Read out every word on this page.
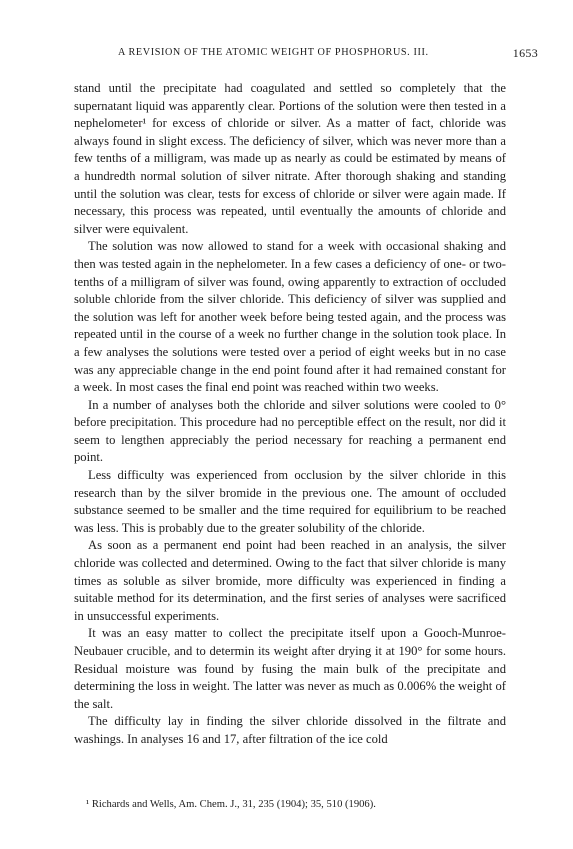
A REVISION OF THE ATOMIC WEIGHT OF PHOSPHORUS. III.	1653

stand until the precipitate had coagulated and settled so completely that the supernatant liquid was apparently clear. Portions of the solution were then tested in a nephelometer¹ for excess of chloride or silver. As a matter of fact, chloride was always found in slight excess. The deficiency of silver, which was never more than a few tenths of a milligram, was made up as nearly as could be estimated by means of a hundredth normal solution of silver nitrate. After thorough shaking and standing until the solution was clear, tests for excess of chloride or silver were again made. If necessary, this process was repeated, until eventually the amounts of chloride and silver were equivalent.

The solution was now allowed to stand for a week with occasional shaking and then was tested again in the nephelometer. In a few cases a deficiency of one- or two-tenths of a milligram of silver was found, owing apparently to extraction of occluded soluble chloride from the silver chloride. This deficiency of silver was supplied and the solution was left for another week before being tested again, and the process was repeated until in the course of a week no further change in the solution took place. In a few analyses the solutions were tested over a period of eight weeks but in no case was any appreciable change in the end point found after it had remained constant for a week. In most cases the final end point was reached within two weeks.

In a number of analyses both the chloride and silver solutions were cooled to 0° before precipitation. This procedure had no perceptible effect on the result, nor did it seem to lengthen appreciably the period necessary for reaching a permanent end point.

Less difficulty was experienced from occlusion by the silver chloride in this research than by the silver bromide in the previous one. The amount of occluded substance seemed to be smaller and the time required for equilibrium to be reached was less. This is probably due to the greater solubility of the chloride.

As soon as a permanent end point had been reached in an analysis, the silver chloride was collected and determined. Owing to the fact that silver chloride is many times as soluble as silver bromide, more difficulty was experienced in finding a suitable method for its determination, and the first series of analyses were sacrificed in unsuccessful experiments.

It was an easy matter to collect the precipitate itself upon a Gooch-Munroe-Neubauer crucible, and to determin its weight after drying it at 190° for some hours. Residual moisture was found by fusing the main bulk of the precipitate and determining the loss in weight. The latter was never as much as 0.006% the weight of the salt.

The difficulty lay in finding the silver chloride dissolved in the filtrate and washings. In analyses 16 and 17, after filtration of the ice cold

¹ Richards and Wells, Am. Chem. J., 31, 235 (1904); 35, 510 (1906).
